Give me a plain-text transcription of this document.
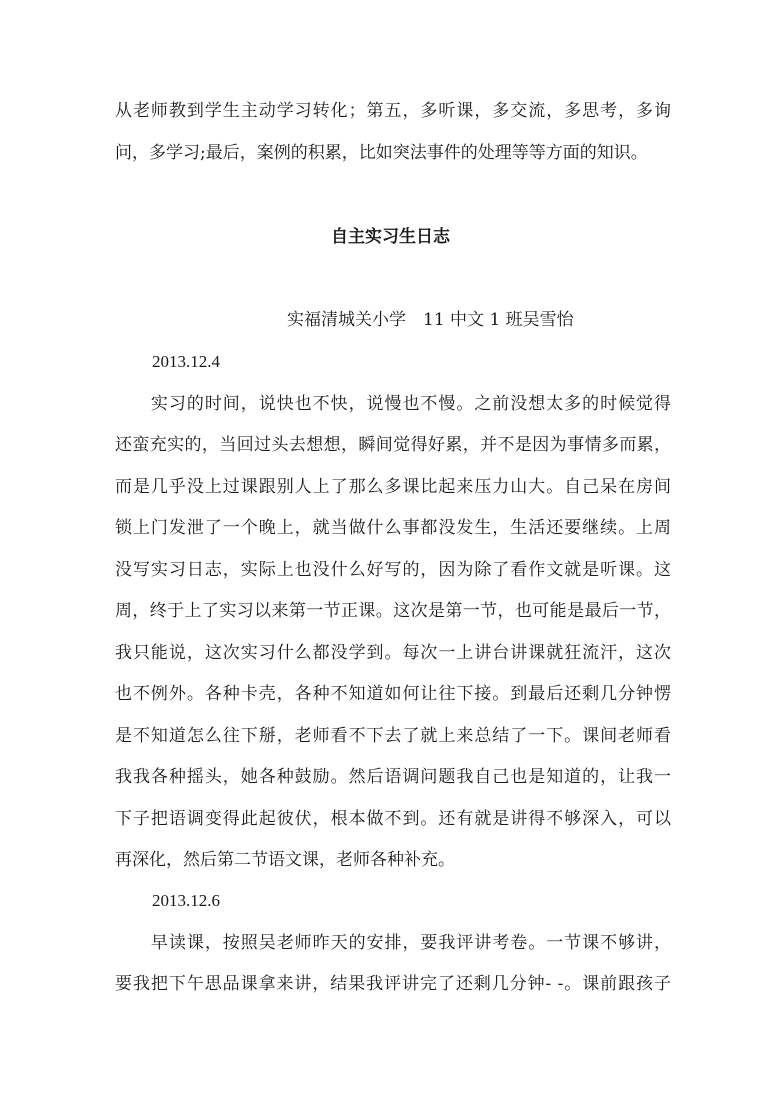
从老师教到学生主动学习转化；第五，多听课，多交流，多思考，多询
问，多学习;最后，案例的积累，比如突法事件的处理等等方面的知识。
自主实习生日志
实福清城关小学　11 中文 1 班吴雪怡
2013.12.4
　　实习的时间，说快也不快，说慢也不慢。之前没想太多的时候觉得
还蛮充实的，当回过头去想想，瞬间觉得好累，并不是因为事情多而累，
而是几乎没上过课跟别人上了那么多课比起来压力山大。自己呆在房间
锁上门发泄了一个晚上，就当做什么事都没发生，生活还要继续。上周
没写实习日志，实际上也没什么好写的，因为除了看作文就是听课。这
周，终于上了实习以来第一节正课。这次是第一节，也可能是最后一节，
我只能说，这次实习什么都没学到。每次一上讲台讲课就狂流汗，这次
也不例外。各种卡壳，各种不知道如何让往下接。到最后还剩几分钟愣
是不知道怎么往下掰，老师看不下去了就上来总结了一下。课间老师看
我我各种摇头，她各种鼓励。然后语调问题我自己也是知道的，让我一
下子把语调变得此起彼伏，根本做不到。还有就是讲得不够深入，可以
再深化，然后第二节语文课，老师各种补充。
2013.12.6
　　早读课，按照吴老师昨天的安排，要我评讲考卷。一节课不够讲，
要我把下午思品课拿来讲，结果我评讲完了还剩几分钟- -。课前跟孩子
